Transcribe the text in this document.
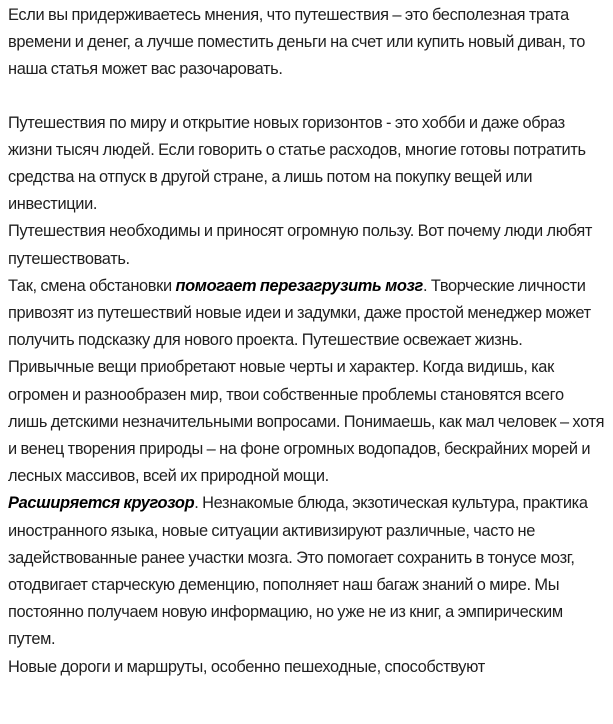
Если вы придерживаетесь мнения, что путешествия – это бесполезная трата времени и денег, а лучше поместить деньги на счет или купить новый диван, то наша статья может вас разочаровать.

Путешествия по миру и открытие новых горизонтов - это хобби и даже образ жизни тысяч людей. Если говорить о статье расходов, многие готовы потратить средства на отпуск в другой стране, а лишь потом на покупку вещей или инвестиции.

Путешествия необходимы и приносят огромную пользу. Вот почему люди любят путешествовать.

Так, смена обстановки помогает перезагрузить мозг. Творческие личности привозят из путешествий новые идеи и задумки, даже простой менеджер может получить подсказку для нового проекта. Путешествие освежает жизнь. Привычные вещи приобретают новые черты и характер. Когда видишь, как огромен и разнообразен мир, твои собственные проблемы становятся всего лишь детскими незначительными вопросами. Понимаешь, как мал человек – хотя и венец творения природы – на фоне огромных водопадов, бескрайних морей и лесных массивов, всей их природной мощи.

Расширяется кругозор. Незнакомые блюда, экзотическая культура, практика иностранного языка, новые ситуации активизируют различные, часто не задействованные ранее участки мозга. Это помогает сохранить в тонусе мозг, отодвигает старческую деменцию, пополняет наш багаж знаний о мире. Мы постоянно получаем новую информацию, но уже не из книг, а эмпирическим путем.

Новые дороги и маршруты, особенно пешеходные, способствуют
